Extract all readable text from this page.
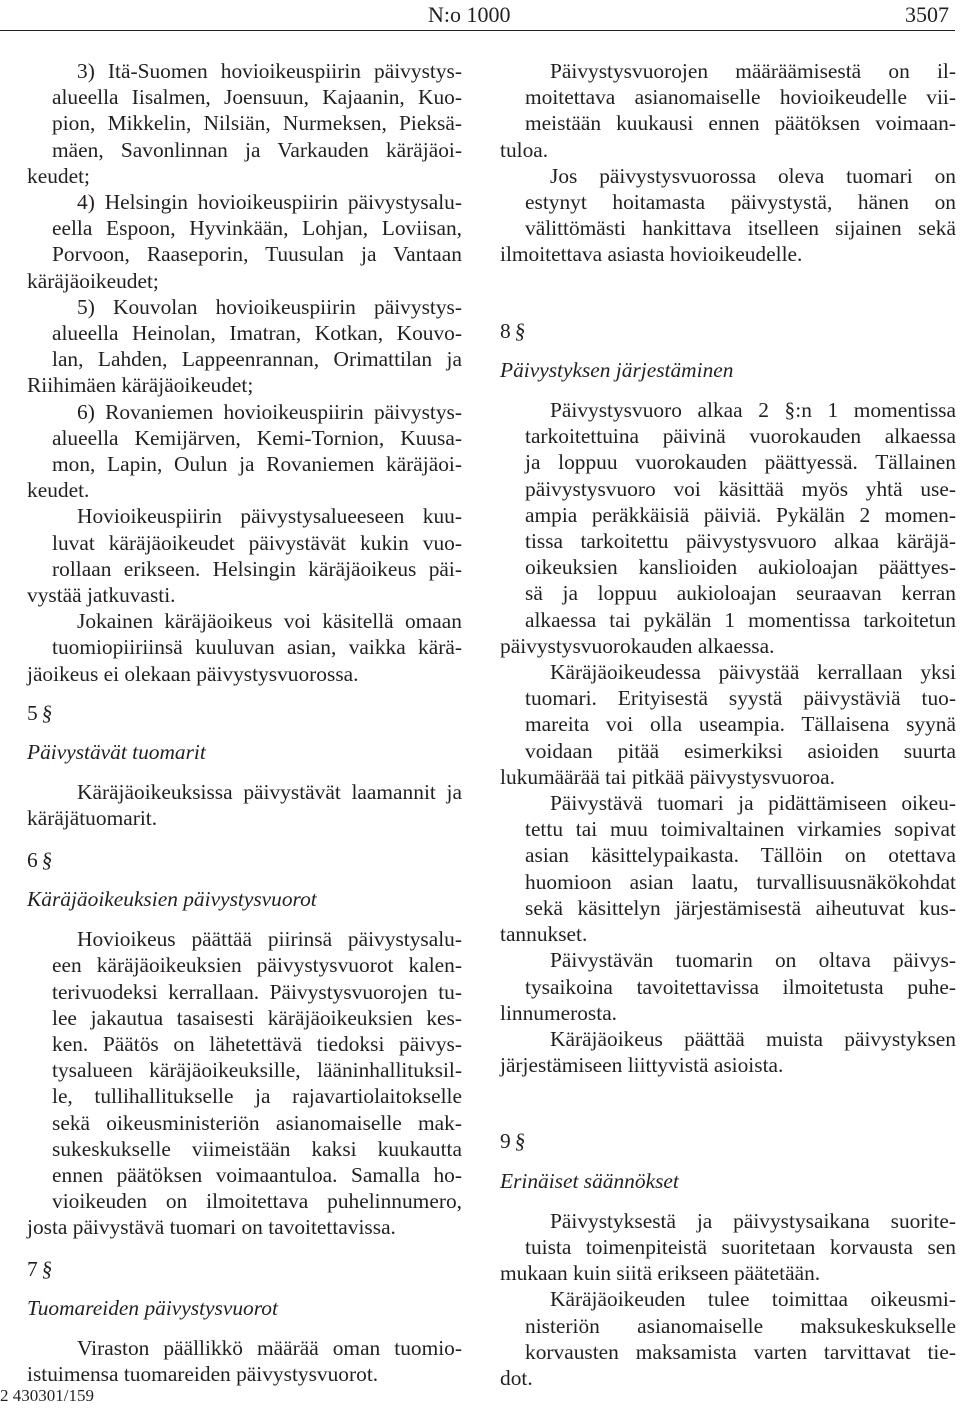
N:o 1000	3507

3) Itä-Suomen hovioikeuspiirin päivystys-
alueella Iisalmen, Joensuun, Kajaanin, Kuo-
pion, Mikkelin, Nilsiän, Nurmeksen, Pieksä-
mäen, Savonlinnan ja Varkauden käräjäoi-
keudet;

4) Helsingin hovioikeuspiirin päivystysalu-
eella Espoon, Hyvinkään, Lohjan, Loviisan,
Porvoon, Raaseporin, Tuusulan ja Vantaan
käräjäoikeudet;

5) Kouvolan hovioikeuspiirin päivystys-
alueella Heinolan, Imatran, Kotkan, Kouvo-
lan, Lahden, Lappeenrannan, Orimattilan ja
Riihimäen käräjäoikeudet;

6) Rovaniemen hovioikeuspiirin päivystys-
alueella Kemijärven, Kemi-Tornion, Kuusa-
mon, Lapin, Oulun ja Rovaniemen käräjäoi-
keudet.

Hovioikeuspiirin päivystysalueeseen kuu-
luvat käräjäoikeudet päivystävät kukin vuo-
rollaan erikseen. Helsingin käräjäoikeus päi-
vystää jatkuvasti.

Jokainen käräjäoikeus voi käsitellä omaan
tuomiopiiriinsä kuuluvan asian, vaikka kärä-
jäoikeus ei olekaan päivystysvuorossa.

5 §

Päivystävät tuomarit

Käräjäoikeuksissa päivystävät laamannit ja
käräjätuomarit.

6 §

Käräjäoikeuksien päivystysvuorot

Hovioikeus päättää piirinsä päivystysalu-
een käräjäoikeuksien päivystysvuorot kalen-
terivuodeksi kerrallaan. Päivystysvuorojen tu-
lee jakautua tasaisesti käräjäoikeuksien kes-
ken. Päätös on lähetettävä tiedoksi päivys-
tysalueen käräjäoikeuksille, lääninhallituksil-
le, tullihallitukselle ja rajavartiolaitokselle
sekä oikeusministeriön asianomaiselle mak-
sukeskukselle viimeistään kaksi kuukautta
ennen päätöksen voimaantuloa. Samalla ho-
vioikeuden on ilmoitettava puhelinnumero,
josta päivystävä tuomari on tavoitettavissa.

7 §

Tuomareiden päivystysvuorot

Viraston päällikkö määrää oman tuomio-
istuimensa tuomareiden päivystysvuorot.

Päivystysvuorojen määräämisestä on il-
moitettava asianomaiselle hovioikeudelle vii-
meistään kuukausi ennen päätöksen voimaan-
tuloa.

Jos päivystysvuorossa oleva tuomari on
estynyt hoitamasta päivystystä, hänen on
välittömästi hankittava itselleen sijainen sekä
ilmoitettava asiasta hovioikeudelle.

8 §

Päivystyksen järjestäminen

Päivystysvuoro alkaa 2 §:n 1 momentissa
tarkoitettuina päivinä vuorokauden alkaessa
ja loppuu vuorokauden päättyessä. Tällainen
päivystysvuoro voi käsittää myös yhtä use-
ampia peräkkäisiä päiviä. Pykälän 2 momen-
tissa tarkoitettu päivystysvuoro alkaa käräjä-
oikeuksien kanslioiden aukioloajan päättyes-
sä ja loppuu aukioloajan seuraavan kerran
alkaessa tai pykälän 1 momentissa tarkoitetun
päivystysvuorokauden alkaessa.

Käräjäoikeudessa päivystää kerrallaan yksi
tuomari. Erityisestä syystä päivystäviä tuo-
mareita voi olla useampia. Tällaisena syynä
voidaan pitää esimerkiksi asioiden suurta
lukumäärää tai pitkää päivystysvuoroa.

Päivystävä tuomari ja pidättämiseen oikeu-
tettu tai muu toimivaltainen virkamies sopivat
asian käsittelypaikasta. Tällöin on otettava
huomioon asian laatu, turvallisuusnäkökohdat
sekä käsittelyn järjestämisestä aiheutuvat kus-
tannukset.

Päivystävän tuomarin on oltava päivys-
tysaikoina tavoitettavissa ilmoitetusta puhe-
linnumerosta.

Käräjäoikeus päättää muista päivystyksen
järjestämiseen liittyvistä asioista.

9 §

Erinäiset säännökset

Päivystyksestä ja päivystysaikana suorite-
tuista toimenpiteistä suoritetaan korvausta sen
mukaan kuin siitä erikseen päätetään.

Käräjäoikeuden tulee toimittaa oikeusmi-
nisteriön asianomaiselle maksukeskukselle
korvausten maksamista varten tarvittavat tie-
dot.

2 430301/159
